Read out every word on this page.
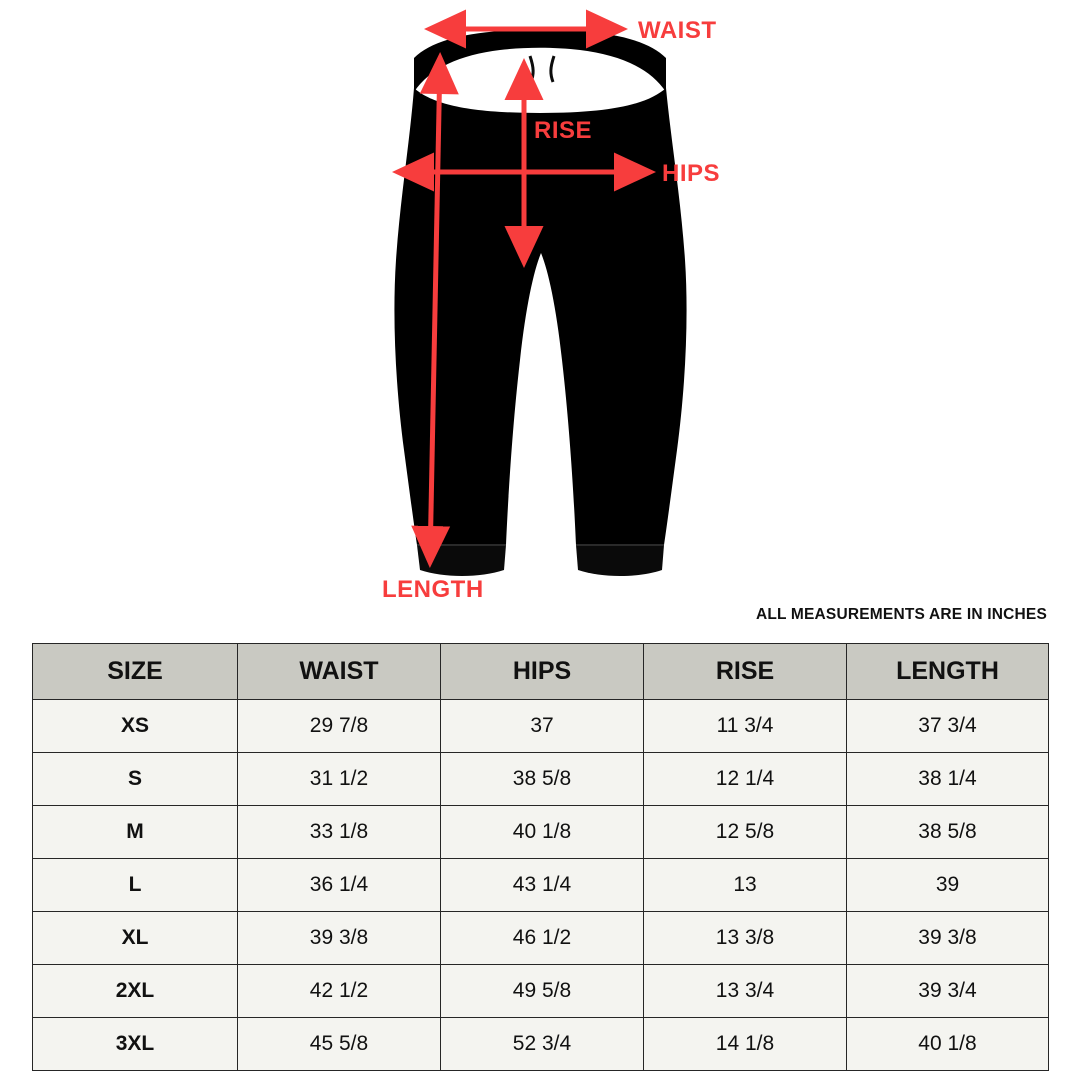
WAIST
RISE
HIPS
LENGTH
ALL MEASUREMENTS ARE IN INCHES
SIZE	WAIST	HIPS	RISE	LENGTH
XS	29 7/8	37	11 3/4	37 3/4
S	31 1/2	38 5/8	12 1/4	38 1/4
M	33 1/8	40 1/8	12 5/8	38 5/8
L	36 1/4	43 1/4	13	39
XL	39 3/8	46 1/2	13 3/8	39 3/8
2XL	42 1/2	49 5/8	13 3/4	39 3/4
3XL	45 5/8	52 3/4	14 1/8	40 1/8
